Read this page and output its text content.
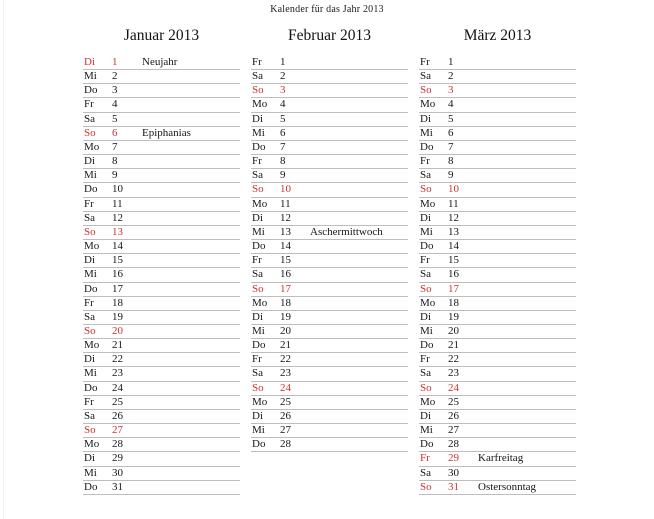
Kalender für das Jahr 2013
Januar 2013
Di	1	Neujahr
Mi	2
Do	3
Fr	4
Sa	5
So	6	Epiphanias
Mo	7
Di	8
Mi	9
Do	10
Fr	11
Sa	12
So	13
Mo	14
Di	15
Mi	16
Do	17
Fr	18
Sa	19
So	20
Mo	21
Di	22
Mi	23
Do	24
Fr	25
Sa	26
So	27
Mo	28
Di	29
Mi	30
Do	31
Februar 2013
Fr	1
Sa	2
So	3
Mo	4
Di	5
Mi	6
Do	7
Fr	8
Sa	9
So	10
Mo	11
Di	12
Mi	13	Aschermittwoch
Do	14
Fr	15
Sa	16
So	17
Mo	18
Di	19
Mi	20
Do	21
Fr	22
Sa	23
So	24
Mo	25
Di	26
Mi	27
Do	28
März 2013
Fr	1
Sa	2
So	3
Mo	4
Di	5
Mi	6
Do	7
Fr	8
Sa	9
So	10
Mo	11
Di	12
Mi	13
Do	14
Fr	15
Sa	16
So	17
Mo	18
Di	19
Mi	20
Do	21
Fr	22
Sa	23
So	24
Mo	25
Di	26
Mi	27
Do	28
Fr	29	Karfreitag
Sa	30
So	31	Ostersonntag
